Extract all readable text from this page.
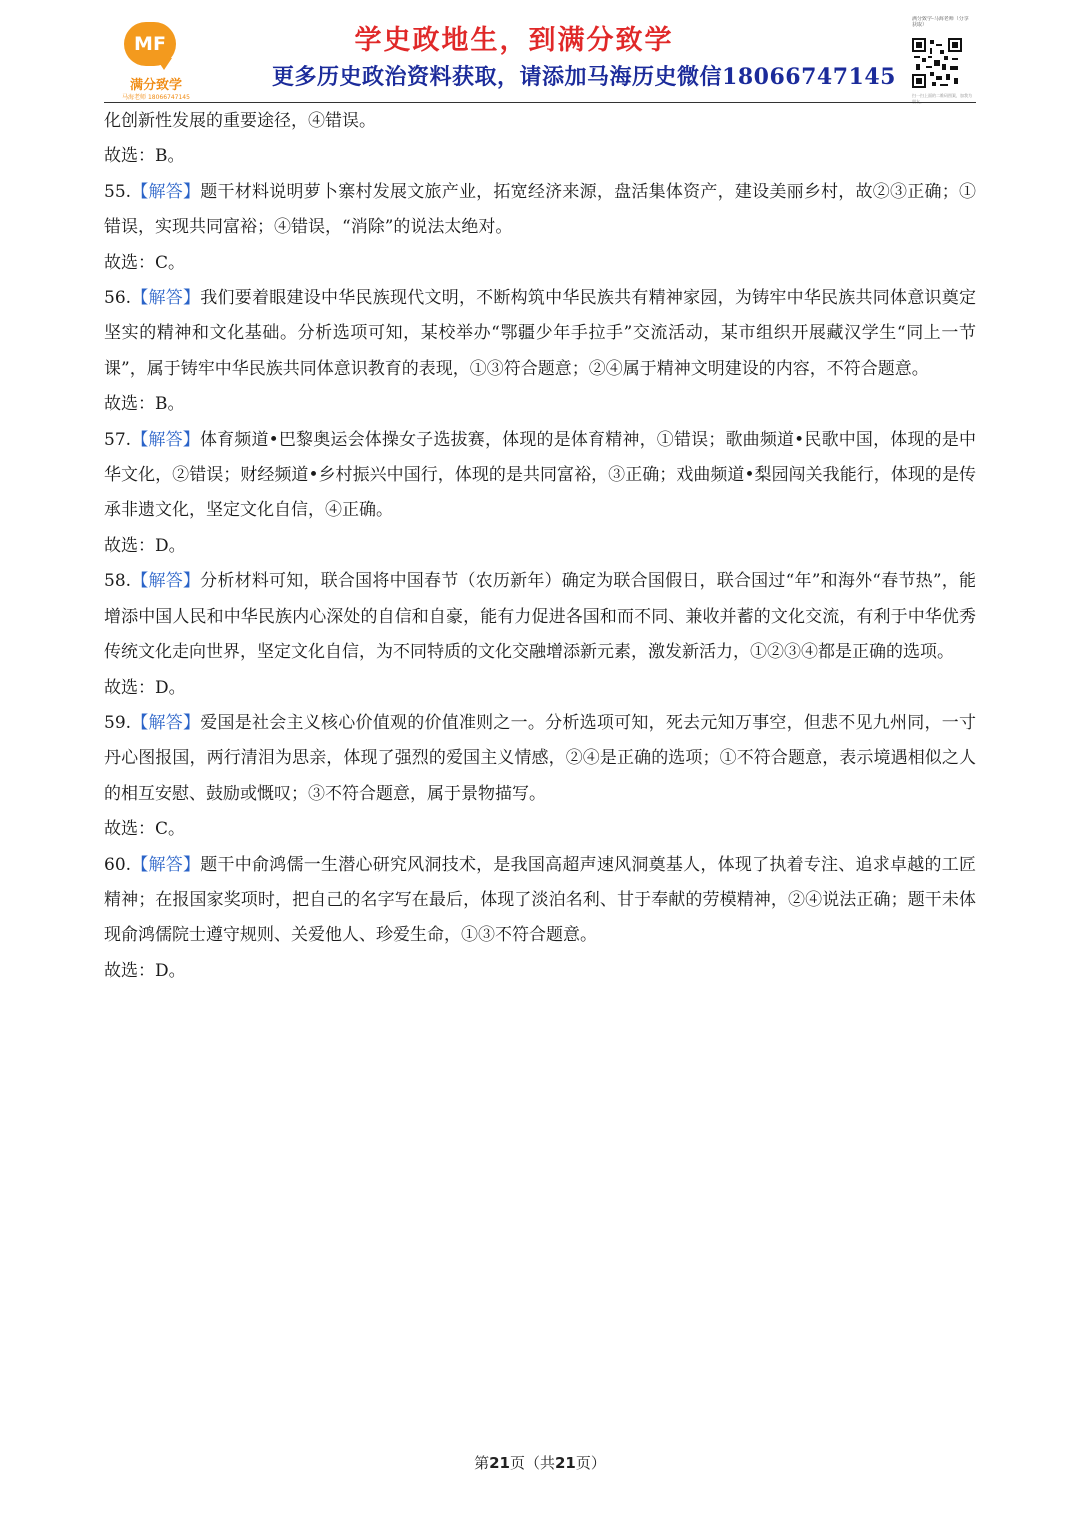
MF
满分致学
马海老师 18066747145
学史政地生，到满分致学
更多历史政治资料获取，请添加马海历史微信18066747145
满分致学-马海老师（分享获取）
扫一扫上面的二维码图案，加我为朋友。

化创新性发展的重要途径，④错误。

故选：B。

55.【解答】题干材料说明萝卜寨村发展文旅产业，拓宽经济来源，盘活集体资产，建设美丽乡村，故②③正确；①错误，实现共同富裕；④错误，“消除”的说法太绝对。

故选：C。

56.【解答】我们要着眼建设中华民族现代文明，不断构筑中华民族共有精神家园，为铸牢中华民族共同体意识奠定坚实的精神和文化基础。分析选项可知，某校举办“鄂疆少年手拉手”交流活动，某市组织开展藏汉学生“同上一节课”，属于铸牢中华民族共同体意识教育的表现，①③符合题意；②④属于精神文明建设的内容，不符合题意。

故选：B。

57.【解答】体育频道•巴黎奥运会体操女子选拔赛，体现的是体育精神，①错误；歌曲频道•民歌中国，体现的是中华文化，②错误；财经频道•乡村振兴中国行，体现的是共同富裕，③正确；戏曲频道•梨园闯关我能行，体现的是传承非遗文化，坚定文化自信，④正确。

故选：D。

58.【解答】分析材料可知，联合国将中国春节（农历新年）确定为联合国假日，联合国过“年”和海外“春节热”，能增添中国人民和中华民族内心深处的自信和自豪，能有力促进各国和而不同、兼收并蓄的文化交流，有利于中华优秀传统文化走向世界，坚定文化自信，为不同特质的文化交融增添新元素，激发新活力，①②③④都是正确的选项。

故选：D。

59.【解答】爱国是社会主义核心价值观的价值准则之一。分析选项可知，死去元知万事空，但悲不见九州同，一寸丹心图报国，两行清泪为思亲，体现了强烈的爱国主义情感，②④是正确的选项；①不符合题意，表示境遇相似之人的相互安慰、鼓励或慨叹；③不符合题意，属于景物描写。

故选：C。

60.【解答】题干中俞鸿儒一生潜心研究风洞技术，是我国高超声速风洞奠基人，体现了执着专注、追求卓越的工匠精神；在报国家奖项时，把自己的名字写在最后，体现了淡泊名利、甘于奉献的劳模精神，②④说法正确；题干未体现俞鸿儒院士遵守规则、关爱他人、珍爱生命，①③不符合题意。

故选：D。

第21页（共21页）
